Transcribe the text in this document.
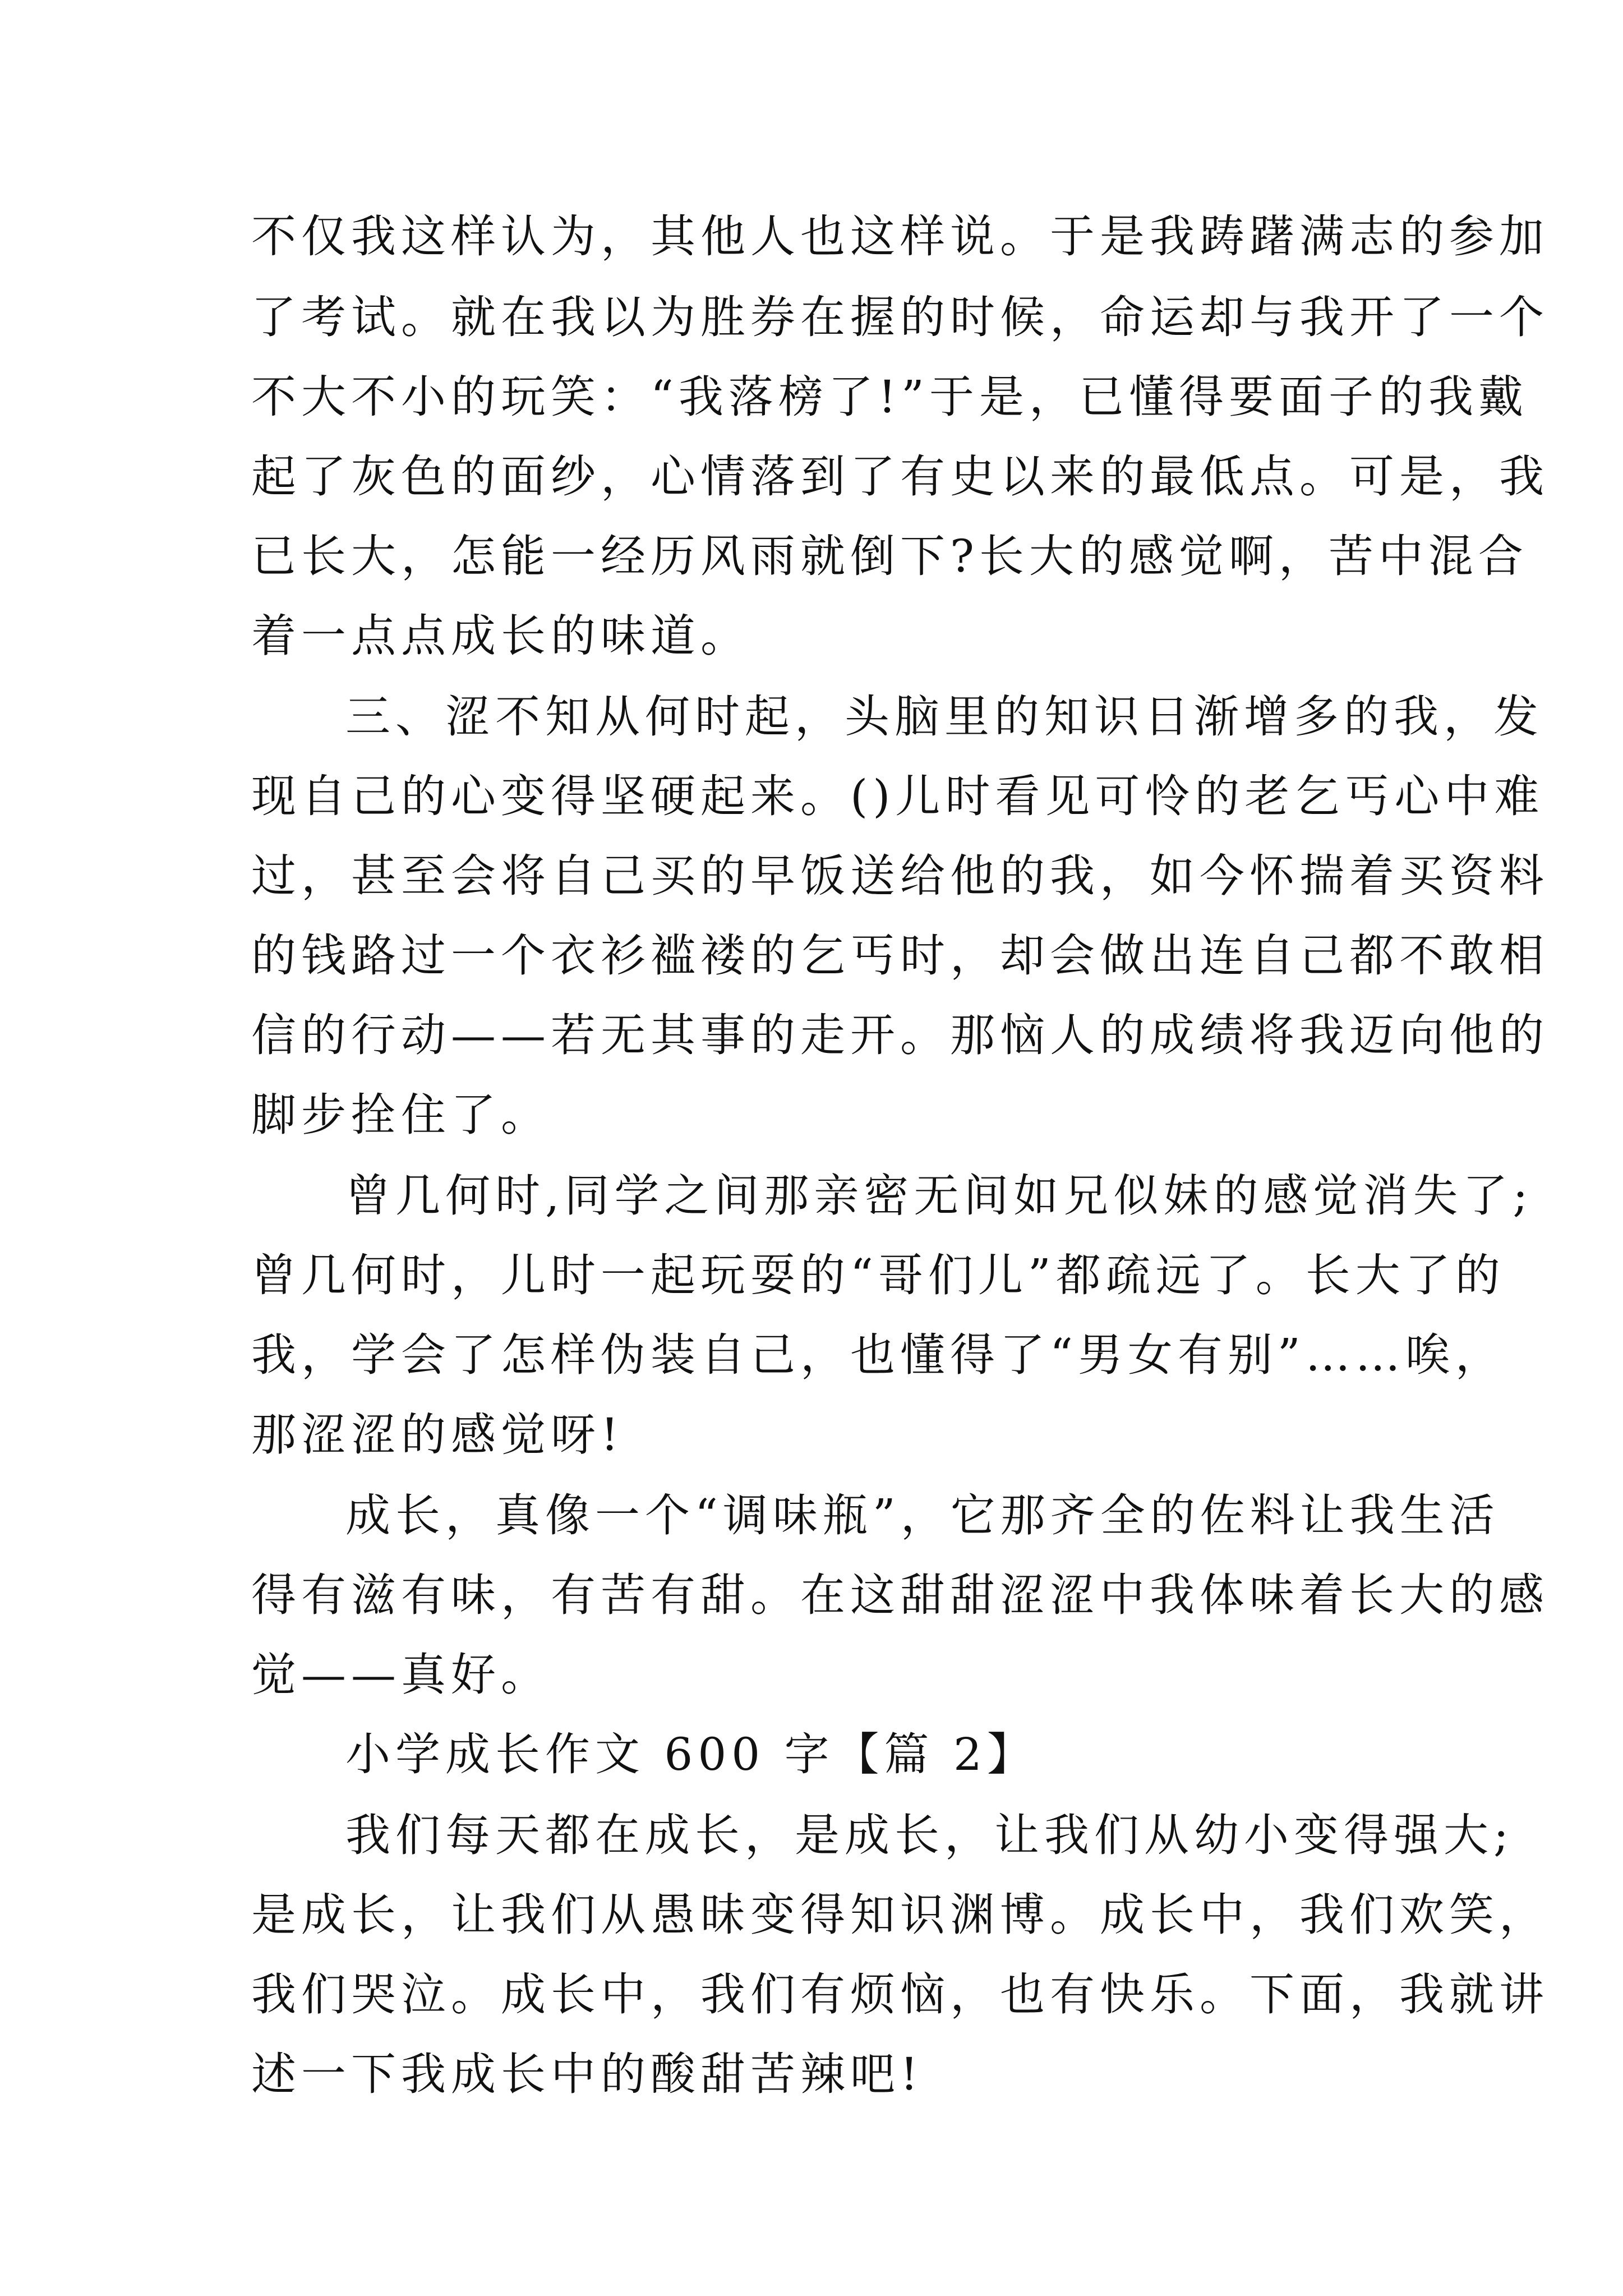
不仅我这样认为，其他人也这样说。于是我踌躇满志的参加

了考试。就在我以为胜券在握的时候，命运却与我开了一个

不大不小的玩笑：“我落榜了!”于是，已懂得要面子的我戴

起了灰色的面纱，心情落到了有史以来的最低点。可是，我

已长大，怎能一经历风雨就倒下?长大的感觉啊，苦中混合

着一点点成长的味道。

三、涩不知从何时起，头脑里的知识日渐增多的我，发

现自己的心变得坚硬起来。()儿时看见可怜的老乞丐心中难

过，甚至会将自己买的早饭送给他的我，如今怀揣着买资料

的钱路过一个衣衫褴褛的乞丐时，却会做出连自己都不敢相

信的行动——若无其事的走开。那恼人的成绩将我迈向他的

脚步拴住了。

曾几何时,同学之间那亲密无间如兄似妹的感觉消失了;

曾几何时，儿时一起玩耍的“哥们儿”都疏远了。长大了的

我，学会了怎样伪装自己，也懂得了“男女有别”……唉，

那涩涩的感觉呀!

成长，真像一个“调味瓶”，它那齐全的佐料让我生活

得有滋有味，有苦有甜。在这甜甜涩涩中我体味着长大的感

觉——真好。

小学成长作文 600 字【篇 2】

我们每天都在成长，是成长，让我们从幼小变得强大;

是成长，让我们从愚昧变得知识渊博。成长中，我们欢笑，

我们哭泣。成长中，我们有烦恼，也有快乐。下面，我就讲

述一下我成长中的酸甜苦辣吧!
